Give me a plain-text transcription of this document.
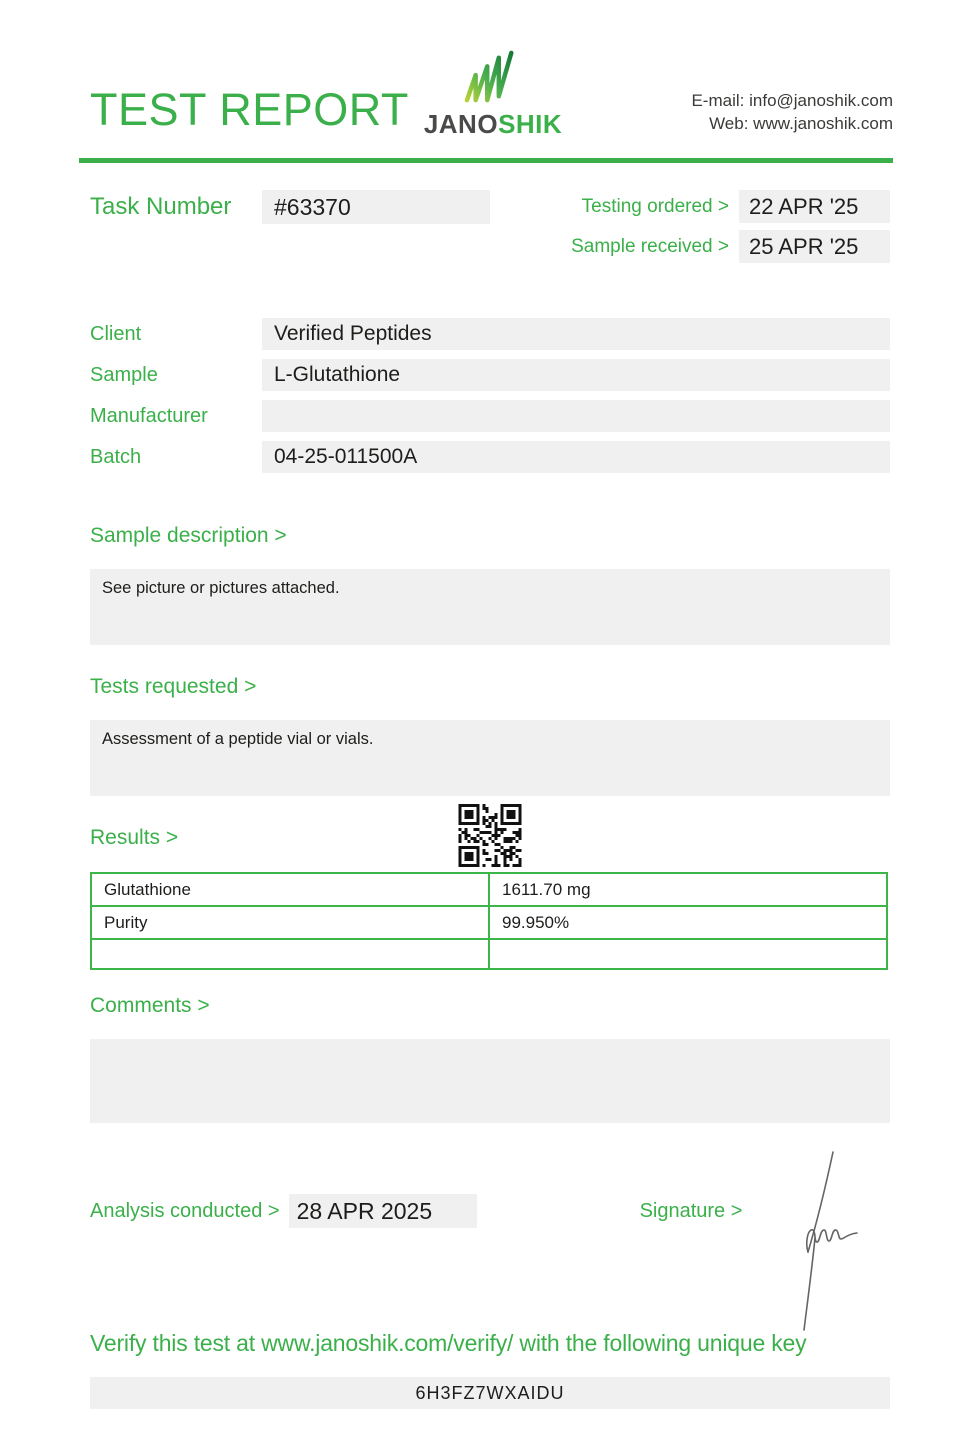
TEST REPORT JANOSHIK
E-mail: info@janoshik.com
Web: www.janoshik.com
Task Number	#63370	Testing ordered > 22 APR '25
Sample received > 25 APR '25
Client	Verified Peptides
Sample	L-Glutathione
Manufacturer
Batch	04-25-011500A
Sample description >
See picture or pictures attached.
Tests requested >
Assessment of a peptide vial or vials.
Results >
Glutathione	1611.70 mg
Purity	99.950%

Comments >
Analysis conducted > 28 APR 2025	Signature >
Verify this test at www.janoshik.com/verify/ with the following unique key
6H3FZ7WXAIDU
